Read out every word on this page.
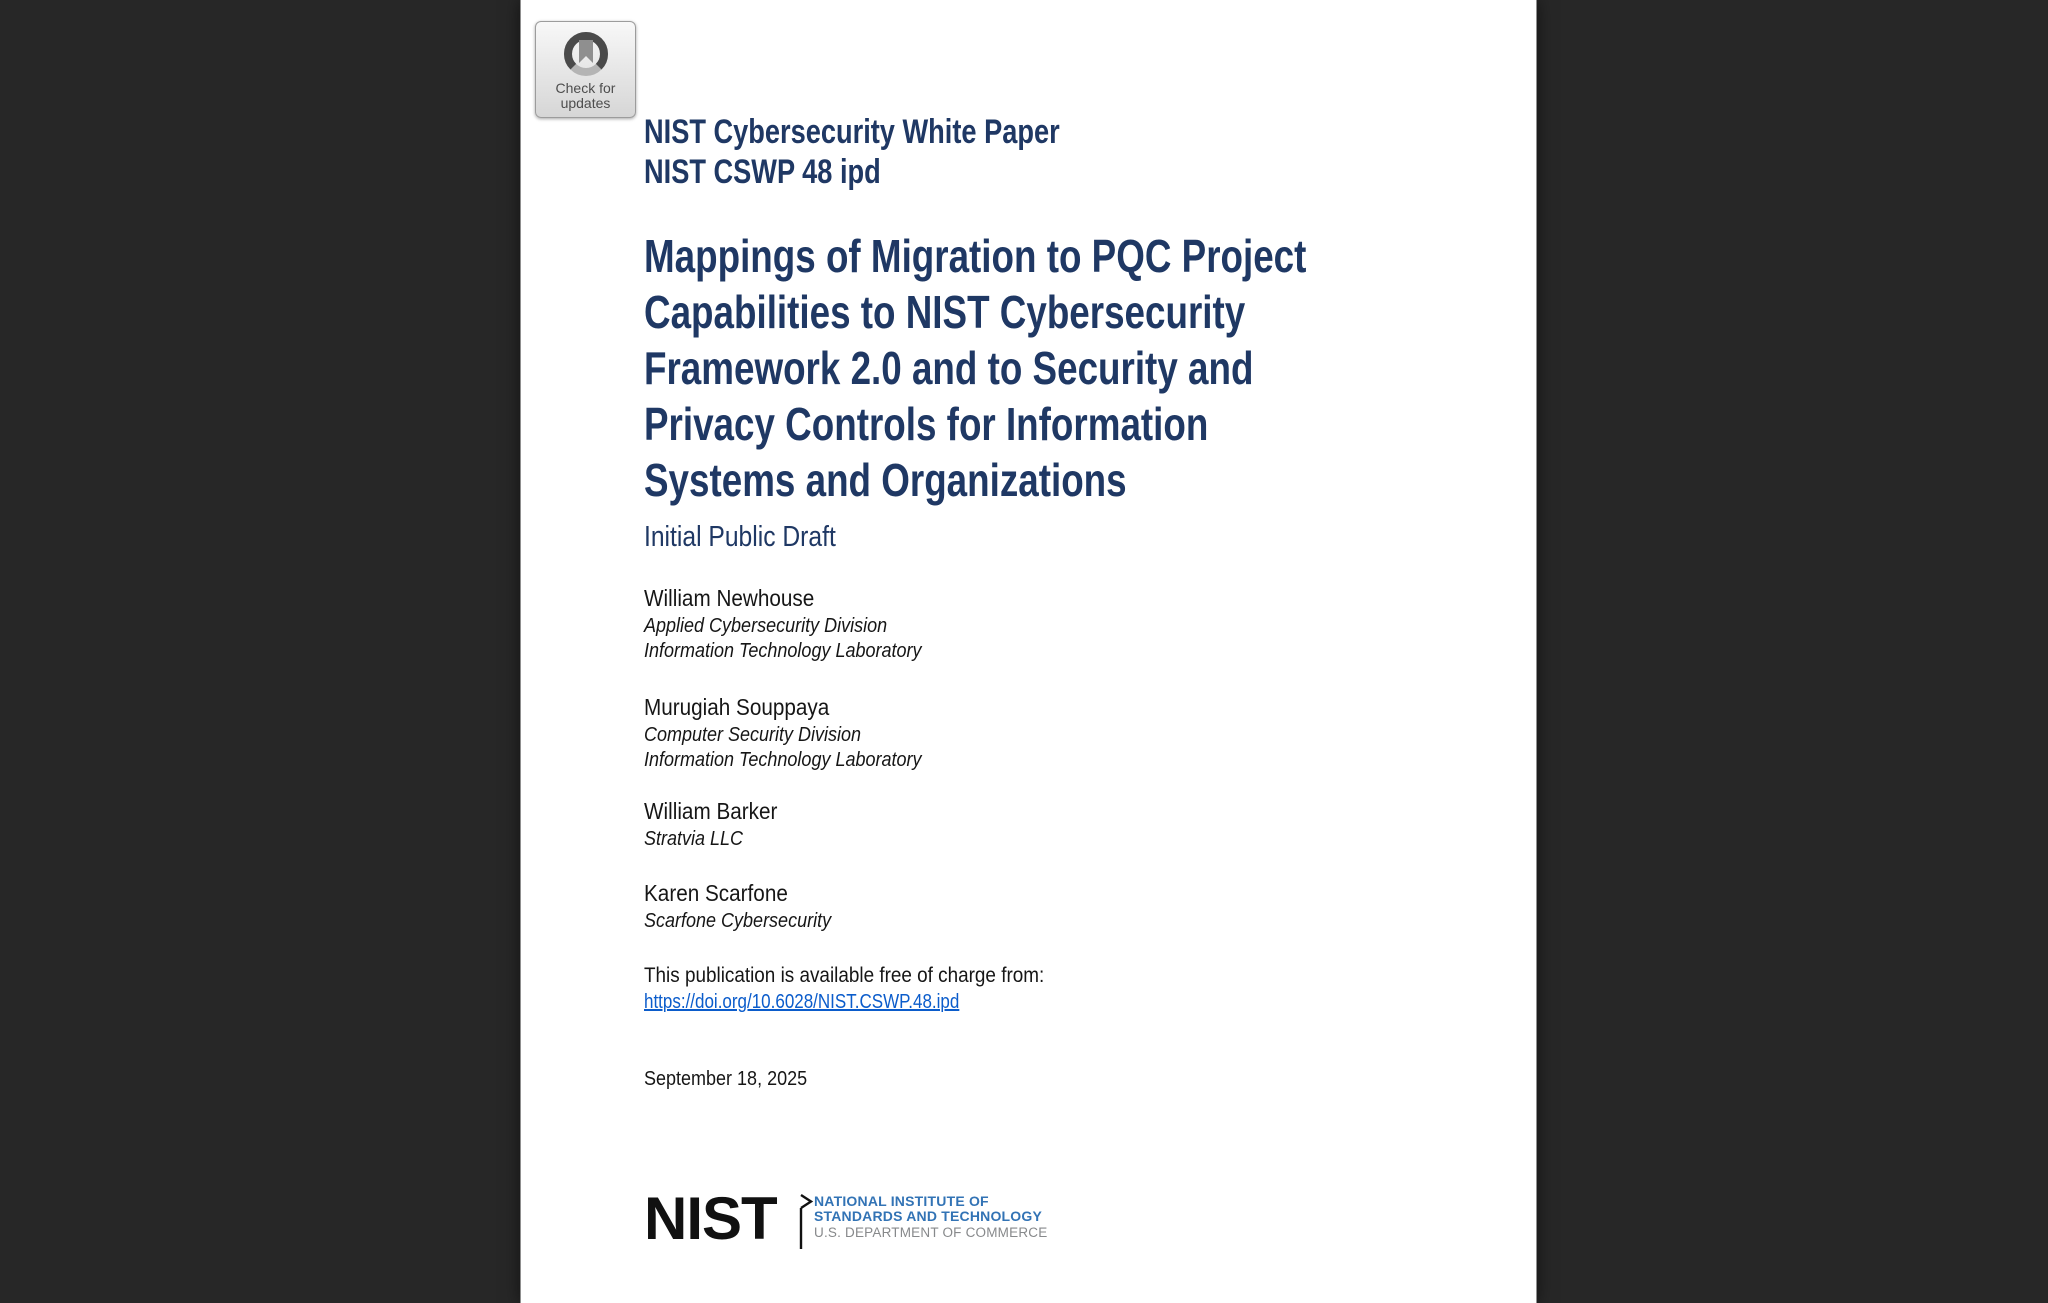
Check for
updates
NIST Cybersecurity White Paper
NIST CSWP 48 ipd
Mappings of Migration to PQC Project
Capabilities to NIST Cybersecurity
Framework 2.0 and to Security and
Privacy Controls for Information
Systems and Organizations
Initial Public Draft
William Newhouse
Applied Cybersecurity Division
Information Technology Laboratory
Murugiah Souppaya
Computer Security Division
Information Technology Laboratory
William Barker
Stratvia LLC
Karen Scarfone
Scarfone Cybersecurity
This publication is available free of charge from:
https://doi.org/10.6028/NIST.CSWP.48.ipd
September 18, 2025
NIST	NATIONAL INSTITUTE OF
STANDARDS AND TECHNOLOGY
U.S. DEPARTMENT OF COMMERCE
